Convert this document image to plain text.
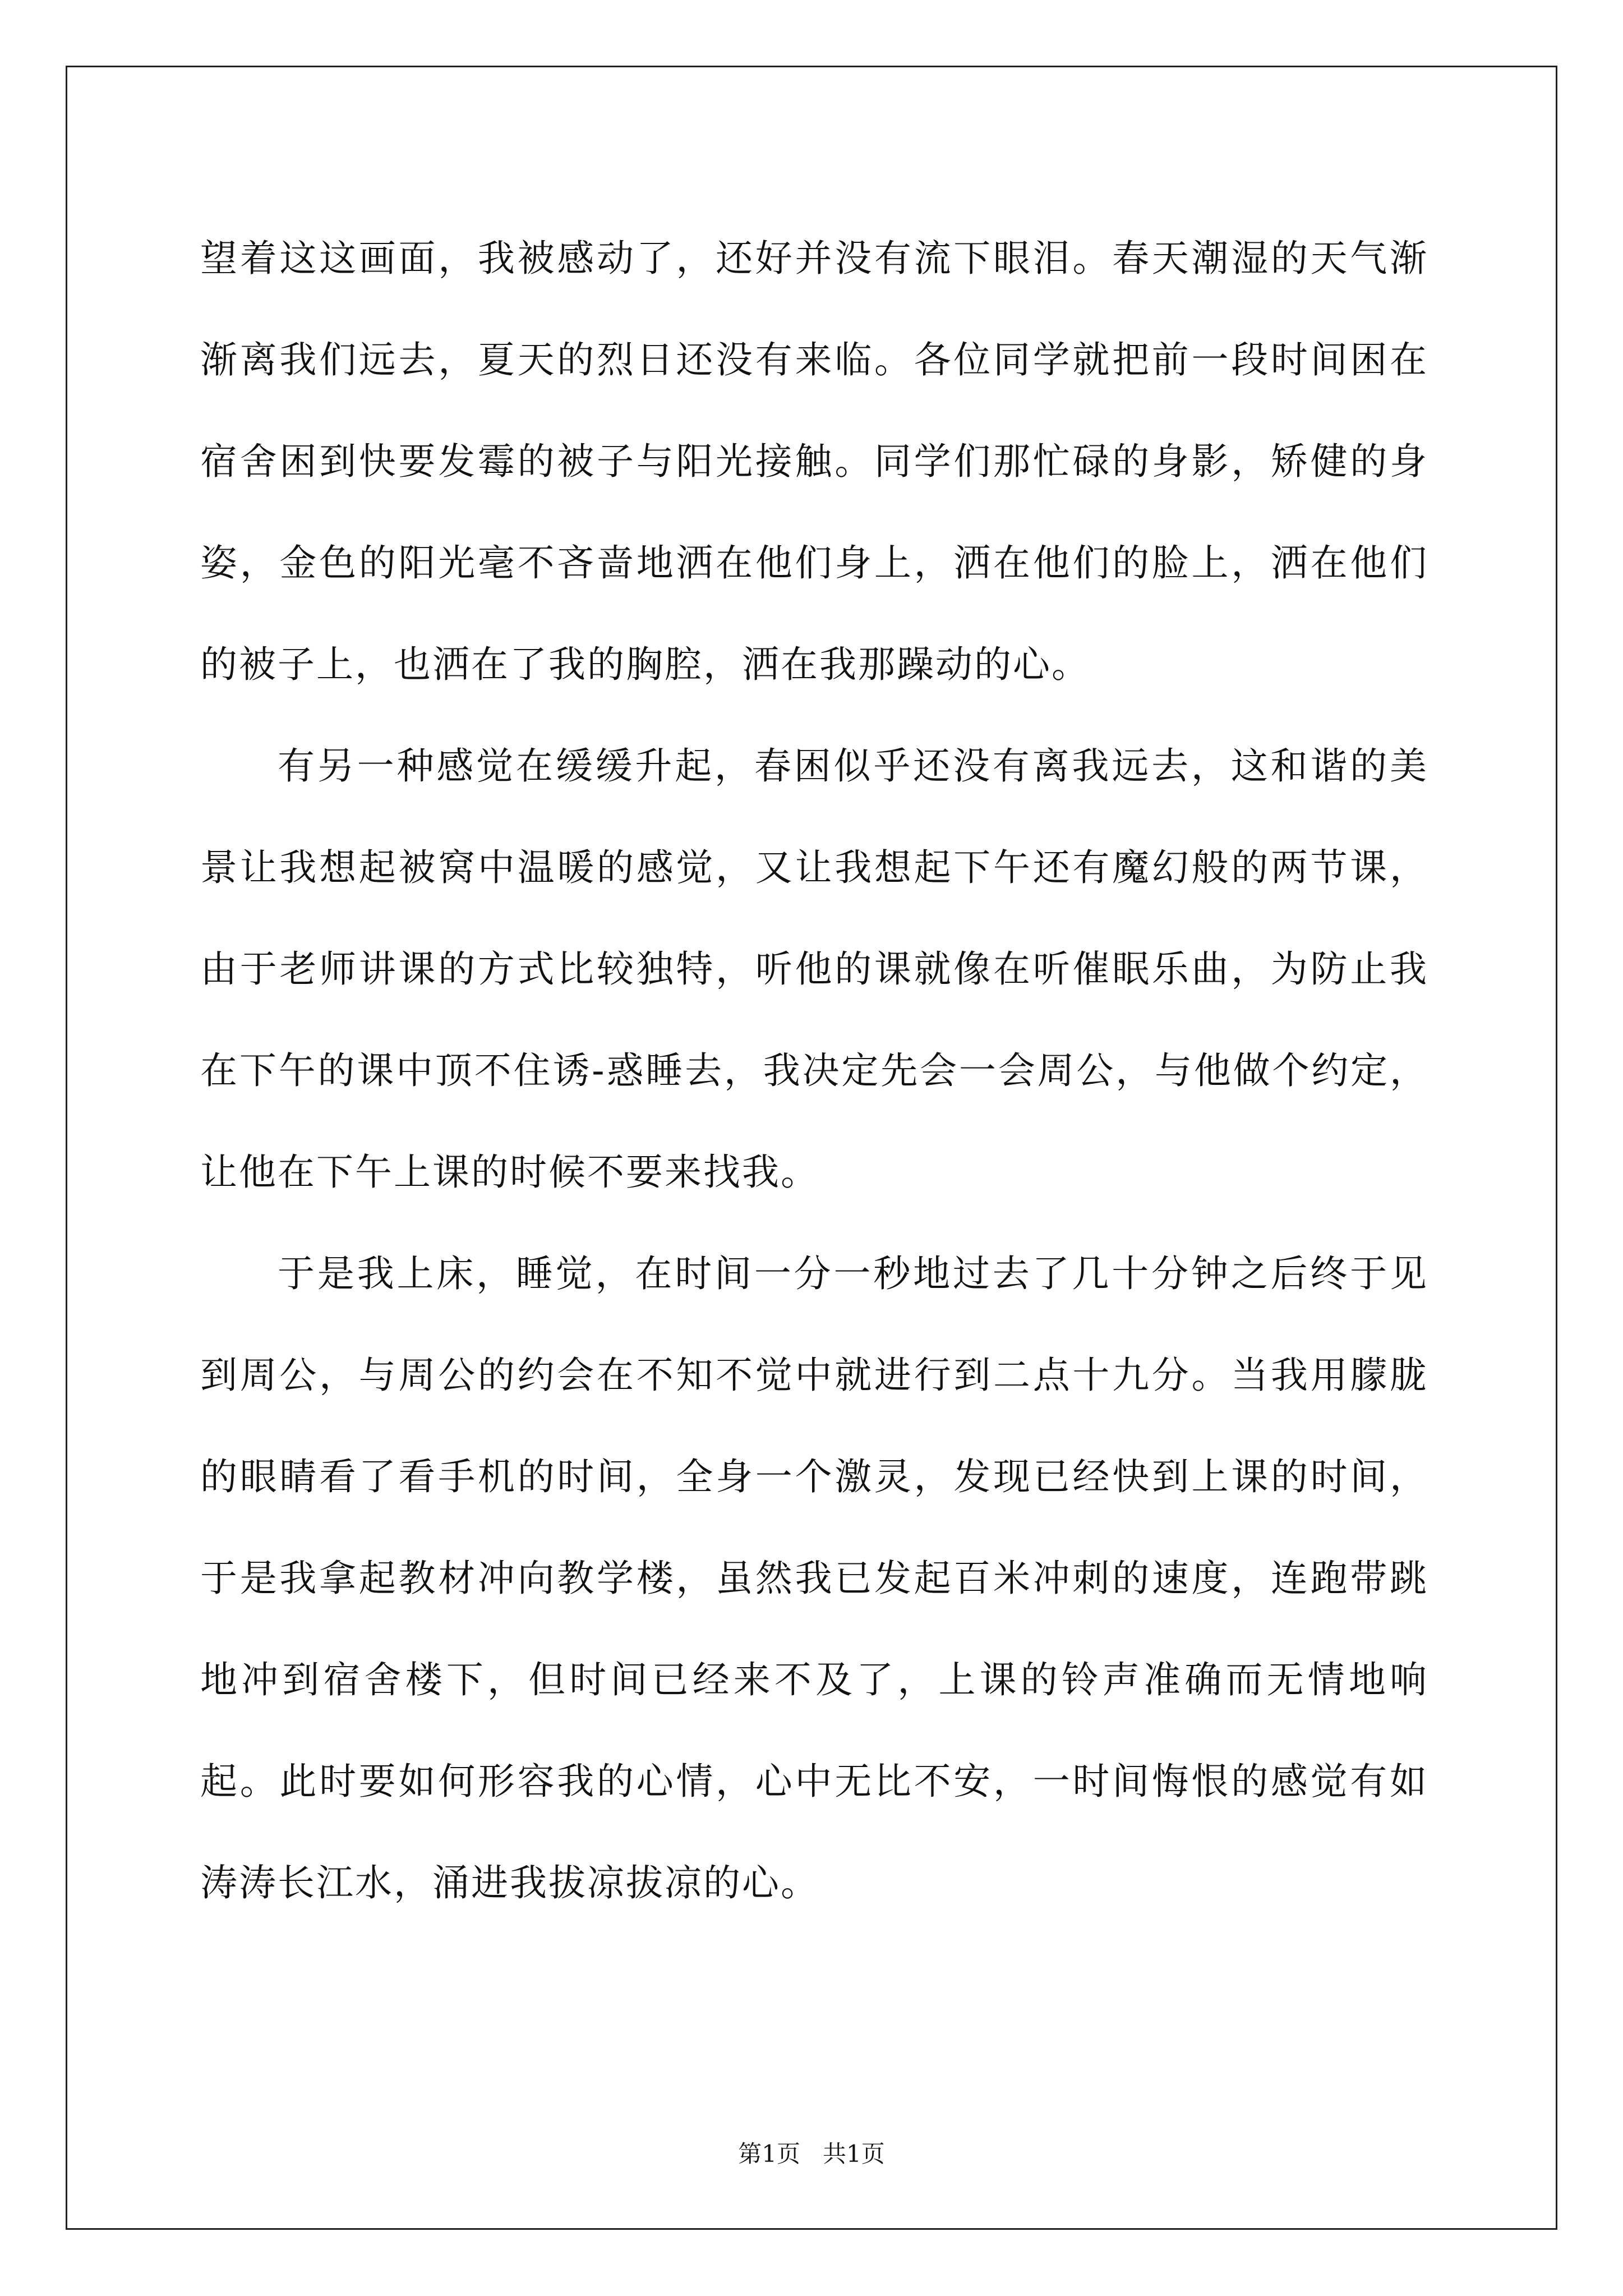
望着这这画面，我被感动了，还好并没有流下眼泪。春天潮湿的天气渐渐离我们远去，夏天的烈日还没有来临。各位同学就把前一段时间困在宿舍困到快要发霉的被子与阳光接触。同学们那忙碌的身影，矫健的身姿，金色的阳光毫不吝啬地洒在他们身上，洒在他们的脸上，洒在他们的被子上，也洒在了我的胸腔，洒在我那躁动的心。

有另一种感觉在缓缓升起，春困似乎还没有离我远去，这和谐的美景让我想起被窝中温暖的感觉，又让我想起下午还有魔幻般的两节课，由于老师讲课的方式比较独特，听他的课就像在听催眠乐曲，为防止我在下午的课中顶不住诱-惑睡去，我决定先会一会周公，与他做个约定，让他在下午上课的时候不要来找我。

于是我上床，睡觉，在时间一分一秒地过去了几十分钟之后终于见到周公，与周公的约会在不知不觉中就进行到二点十九分。当我用朦胧的眼睛看了看手机的时间，全身一个激灵，发现已经快到上课的时间，于是我拿起教材冲向教学楼，虽然我已发起百米冲刺的速度，连跑带跳地冲到宿舍楼下，但时间已经来不及了，上课的铃声准确而无情地响起。此时要如何形容我的心情，心中无比不安，一时间悔恨的感觉有如涛涛长江水，涌进我拔凉拔凉的心。

第1页   共1页
